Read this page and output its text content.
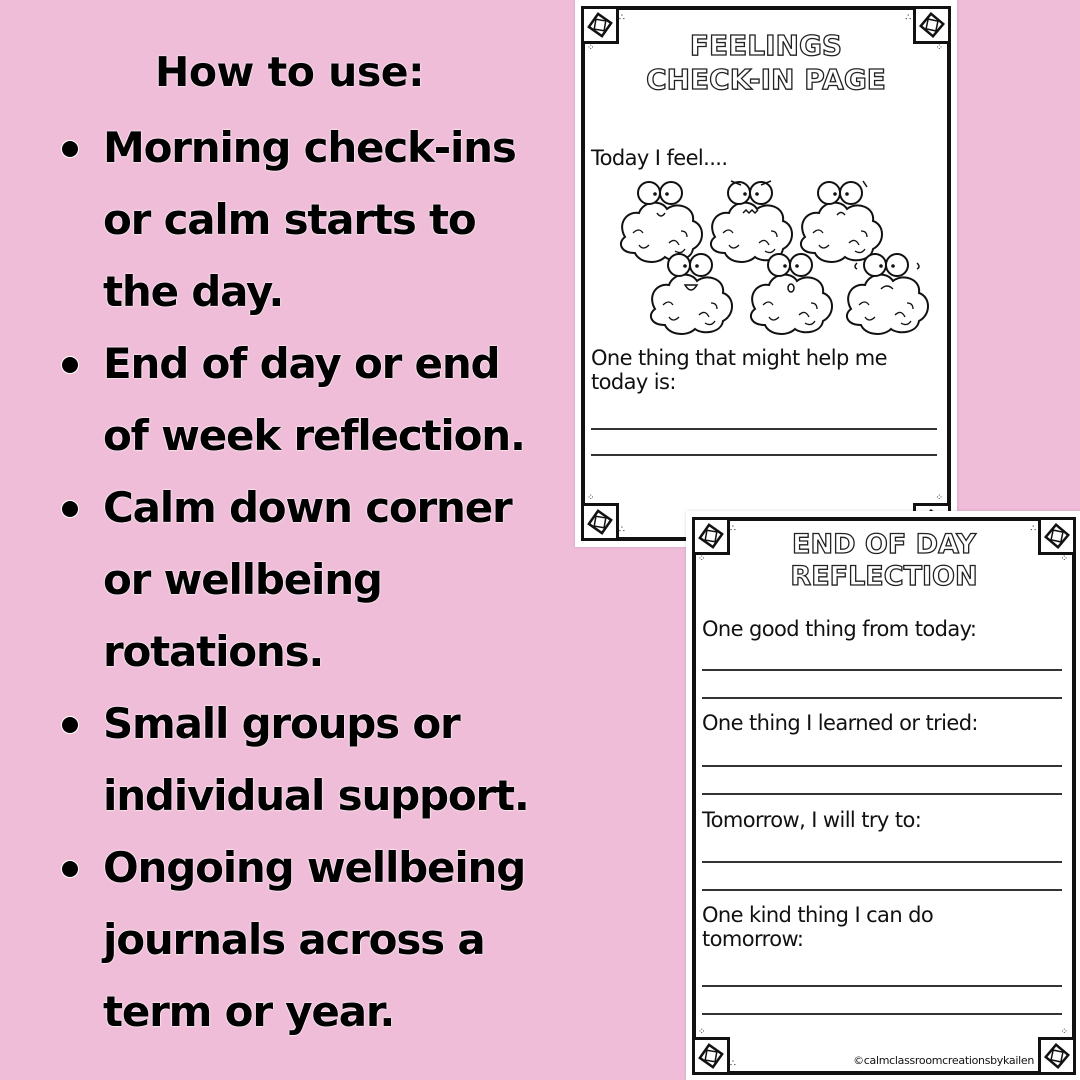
How to use:
Morning check-ins
or calm starts to
the day.
End of day or end
of week reflection.
Calm down corner
or wellbeing
rotations.
Small groups or
individual support.
Ongoing wellbeing
journals across a
term or year.
∴	∴
⁘	⁘
⁘	⁘
∴
FEELINGS
CHECK-IN PAGE
Today I feel....
One thing that might help me
today is:
∴	∴
⁘	⁘
⁘	⁘
∴
END OF DAY
REFLECTION
One good thing from today:
One thing I learned or tried:
Tomorrow, I will try to:
One kind thing I can do
tomorrow:
©calmclassroomcreationsbykailen
